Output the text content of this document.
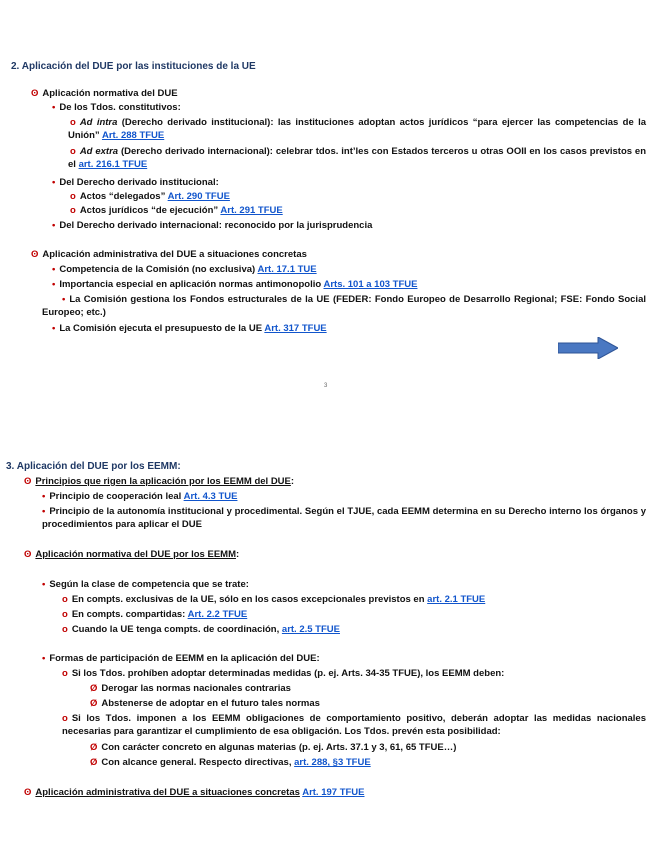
2. Aplicación del DUE por las instituciones de la UE
ʘ Aplicación normativa del DUE
• De los Tdos. constitutivos:
o Ad intra (Derecho derivado institucional): las instituciones adoptan actos jurídicos “para ejercer las competencias de la Unión” Art. 288 TFUE
o Ad extra (Derecho derivado internacional): celebrar tdos. int’les con Estados terceros u otras OOII en los casos previstos en el art. 216.1 TFUE
• Del Derecho derivado institucional:
o Actos “delegados” Art. 290 TFUE
o Actos jurídicos “de ejecución” Art. 291 TFUE
• Del Derecho derivado internacional: reconocido por la jurisprudencia
ʘ Aplicación administrativa del DUE a situaciones concretas
• Competencia de la Comisión (no exclusiva) Art. 17.1 TUE
• Importancia especial en aplicación normas antimonopolio Arts. 101 a 103 TFUE
• La Comisión gestiona los Fondos estructurales de la UE (FEDER: Fondo Europeo de Desarrollo Regional; FSE: Fondo Social Europeo; etc.)
• La Comisión ejecuta el presupuesto de la UE Art. 317 TFUE
3
3. Aplicación del DUE por los EEMM:
ʘ Principios que rigen la aplicación por los EEMM del DUE:
• Principio de cooperación leal Art. 4.3 TUE
• Principio de la autonomía institucional y procedimental. Según el TJUE, cada EEMM determina en su Derecho interno los órganos y procedimientos para aplicar el DUE
ʘ Aplicación normativa del DUE por los EEMM:
• Según la clase de competencia que se trate:
o En compts. exclusivas de la UE, sólo en los casos excepcionales previstos en art. 2.1 TFUE
o En compts. compartidas: Art. 2.2 TFUE
o Cuando la UE tenga compts. de coordinación, art. 2.5 TFUE
• Formas de participación de EEMM en la aplicación del DUE:
o Si los Tdos. prohíben adoptar determinadas medidas (p. ej. Arts. 34-35 TFUE), los EEMM deben:
Ø Derogar las normas nacionales contrarias
Ø Abstenerse de adoptar en el futuro tales normas
o Si los Tdos. imponen a los EEMM obligaciones de comportamiento positivo, deberán adoptar las medidas nacionales necesarias para garantizar el cumplimiento de esa obligación. Los Tdos. prevén esta posibilidad:
Ø Con carácter concreto en algunas materias (p. ej. Arts. 37.1 y 3, 61, 65 TFUE…)
Ø Con alcance general. Respecto directivas, art. 288, §3 TFUE
ʘ Aplicación administrativa del DUE a situaciones concretas Art. 197 TFUE
